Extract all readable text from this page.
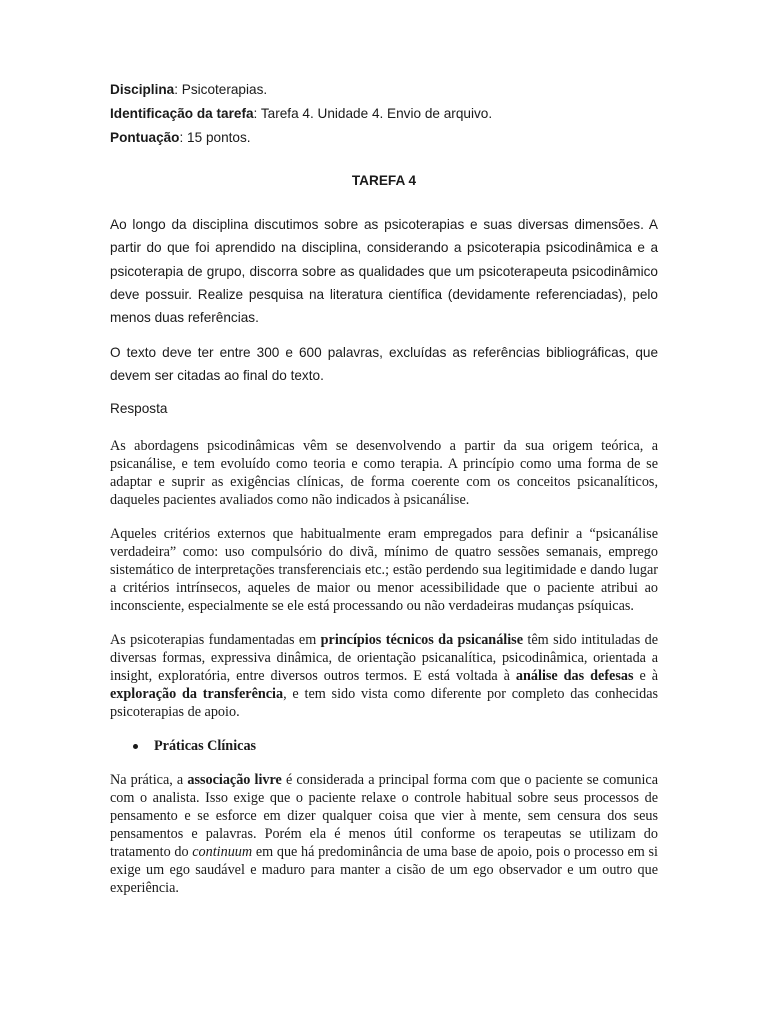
Disciplina: Psicoterapias.
Identificação da tarefa: Tarefa 4. Unidade 4. Envio de arquivo.
Pontuação: 15 pontos.
TAREFA 4

Ao longo da disciplina discutimos sobre as psicoterapias e suas diversas dimensões. A partir do que foi aprendido na disciplina, considerando a psicoterapia psicodinâmica e a psicoterapia de grupo, discorra sobre as qualidades que um psicoterapeuta psicodinâmico deve possuir. Realize pesquisa na literatura científica (devidamente referenciadas), pelo menos duas referências.

O texto deve ter entre 300 e 600 palavras, excluídas as referências bibliográficas, que devem ser citadas ao final do texto.

Resposta

As abordagens psicodinâmicas vêm se desenvolvendo a partir da sua origem teórica, a psicanálise, e tem evoluído como teoria e como terapia. A princípio como uma forma de se adaptar e suprir as exigências clínicas, de forma coerente com os conceitos psicanalíticos, daqueles pacientes avaliados como não indicados à psicanálise.

Aqueles critérios externos que habitualmente eram empregados para definir a “psicanálise verdadeira” como: uso compulsório do divã, mínimo de quatro sessões semanais, emprego sistemático de interpretações transferenciais etc.; estão perdendo sua legitimidade e dando lugar a critérios intrínsecos, aqueles de maior ou menor acessibilidade que o paciente atribui ao inconsciente, especialmente se ele está processando ou não verdadeiras mudanças psíquicas.

As psicoterapias fundamentadas em princípios técnicos da psicanálise têm sido intituladas de diversas formas, expressiva dinâmica, de orientação psicanalítica, psicodinâmica, orientada a insight, exploratória, entre diversos outros termos. E está voltada à análise das defesas e à exploração da transferência, e tem sido vista como diferente por completo das conhecidas psicoterapias de apoio.

Práticas Clínicas

Na prática, a associação livre é considerada a principal forma com que o paciente se comunica com o analista. Isso exige que o paciente relaxe o controle habitual sobre seus processos de pensamento e se esforce em dizer qualquer coisa que vier à mente, sem censura dos seus pensamentos e palavras. Porém ela é menos útil conforme os terapeutas se utilizam do tratamento do continuum em que há predominância de uma base de apoio, pois o processo em si exige um ego saudável e maduro para manter a cisão de um ego observador e um outro que experiência.
